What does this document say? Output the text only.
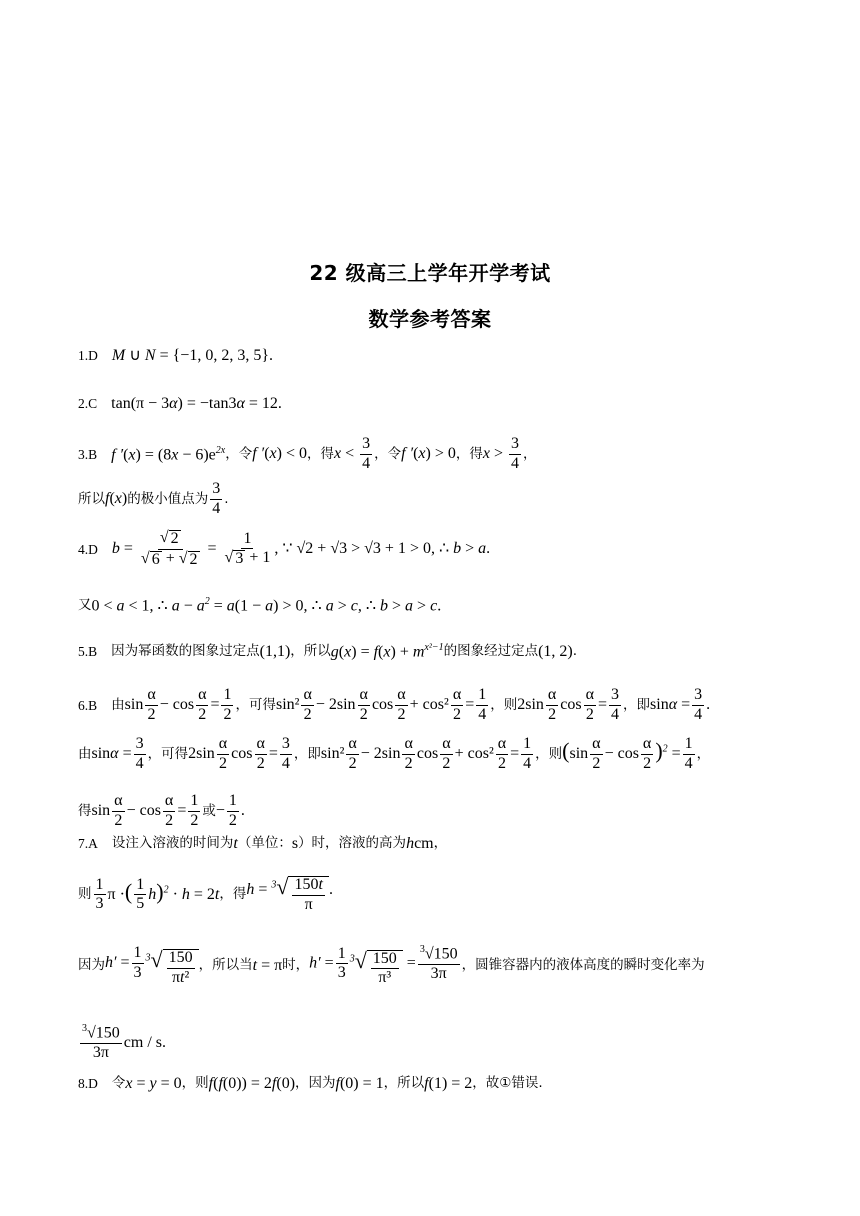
22 级高三上学年开学考试
数学参考答案
1.D M ∪ N = {−1, 0, 2, 3, 5}.
2.C tan(π − 3α) = −tan3α = 12.
3.B f $'(x) = (8x - 6)e^{2x}$ ，令 f ′(x) < 0 ，得 $x < \frac{3}{4}$ ，令 f ′(x) > 0 ，得 $x > \frac{3}{4}$ ，
所以 f(x) 的极小值点为 $\frac{3}{4}$ .
4.D $b = \frac{√ 2}{√ 6 + √ 2} = \frac{1}{√ 3 + 1}$ , ∵ √2 + √3 > √3 + 1 > 0, ∴ b > a.
又 0 < a < 1, ∴ $a - a^2 = a(1 - a) > 0$, ∴ a > c, ∴ b > a > c.
5.B 因为幂函数的图象过定点 (1,1) ，所以 $g(x) = f(x) + m^{x^2-1}$ 的图象经过定点 (1, 2) .
6.B 由 $\sin \frac{\alpha}{2} - \cos \frac{\alpha}{2} = \frac{1}{2}$ ，可得 $\sin^2 \frac{\alpha}{2} - 2\sin \frac{\alpha}{2}$ $\cos \frac{\alpha}{2} + \cos^2 \frac{\alpha}{2} = \frac{1}{4}$ ，则 $2\sin \frac{\alpha}{2}$ $\cos \frac{\alpha}{2} = \frac{3}{4}$ ，即 $\sin\alpha = \frac{3}{4}$ .
由 $\sin\alpha = \frac{3}{4}$ ，可得 $2\sin \frac{\alpha}{2}$ $\cos \frac{\alpha}{2} = \frac{3}{4}$ ，即 $\sin^2 \frac{\alpha}{2} - 2\sin \frac{\alpha}{2}$ $\cos \frac{\alpha}{2} + \cos^2 \frac{\alpha}{2} = \frac{1}{4}$ ，则 $(\sin \frac{\alpha}{2} - \cos \frac{\alpha}{2} )^2 = \frac{1}{4}$ ，
得 $\sin \frac{\alpha}{2} - \cos \frac{\alpha}{2} = \frac{1}{2}$ 或 − $\frac{1}{2}$ .
7.A 设注入溶液的时间为 t （单位： s ）时，溶液的高为 h cm ，
则 $\frac{1}{3}$ π ·( $\frac{1}{5} h)^2 \cdot h = 2t$ ，得 h = $^3$ √ $\frac{150t}{\pi}$ .
因为 $h' = \frac{1}{3} ^3$ √ $\frac{150}{\text{πt²}}$ ，所以当 t = π 时， $h' = \frac{1}{3} ^3$ √ $\frac{150}{\text{π³}} = \frac{^3√150}{3\pi}$ ，圆锥容器内的液体高度的瞬时变化率为
$\frac{^3√150}{3\pi}$ cm / s .
8.D 令 x = y = 0 ，则 f(f(0)) = 2f(0) ，因为 f(0) = 1 ，所以 f(1) = 2 ，故①错误.
